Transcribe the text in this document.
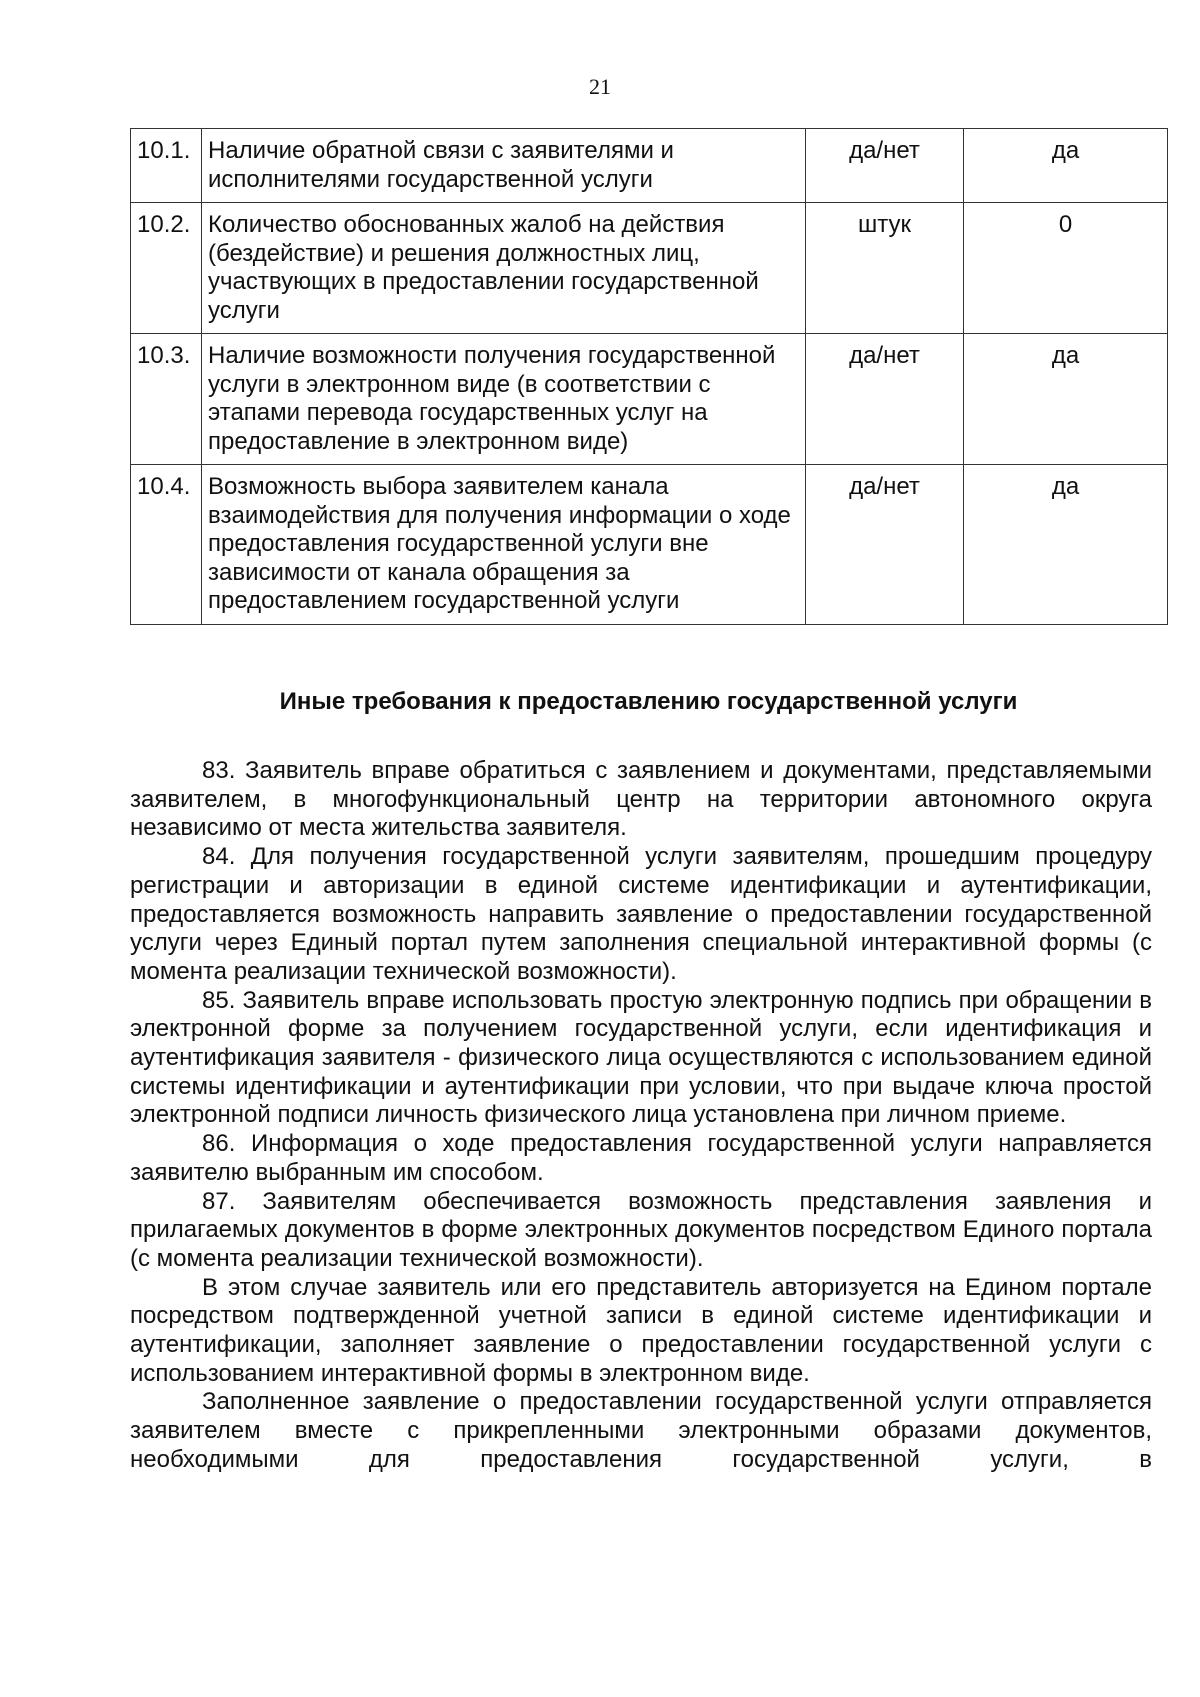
21
10.1.	Наличие обратной связи с заявителями и исполнителями государственной услуги	да/нет	да
10.2.	Количество обоснованных жалоб на действия (бездействие) и решения должностных лиц, участвующих в предоставлении государственной услуги	штук	0
10.3.	Наличие возможности получения государственной услуги в электронном виде (в соответствии с этапами перевода государственных услуг на предоставление в электронном виде)	да/нет	да
10.4.	Возможность выбора заявителем канала взаимодействия для получения информации о ходе предоставления государственной услуги вне зависимости от канала обращения за предоставлением государственной услуги	да/нет	да
Иные требования к предоставлению государственной услуги

83. Заявитель вправе обратиться с заявлением и документами, представляемыми заявителем, в многофункциональный центр на территории автономного округа независимо от места жительства заявителя.

84. Для получения государственной услуги заявителям, прошедшим процедуру регистрации и авторизации в единой системе идентификации и аутентификации, предоставляется возможность направить заявление о предоставлении государственной услуги через Единый портал путем заполнения специальной интерактивной формы (с момента реализации технической возможности).

85. Заявитель вправе использовать простую электронную подпись при обращении в электронной форме за получением государственной услуги, если идентификация и аутентификация заявителя - физического лица осуществляются с использованием единой системы идентификации и аутентификации при условии, что при выдаче ключа простой электронной подписи личность физического лица установлена при личном приеме.

86. Информация о ходе предоставления государственной услуги направляется заявителю выбранным им способом.

87. Заявителям обеспечивается возможность представления заявления и прилагаемых документов в форме электронных документов посредством Единого портала (с момента реализации технической возможности).

В этом случае заявитель или его представитель авторизуется на Едином портале посредством подтвержденной учетной записи в единой системе идентификации и аутентификации, заполняет заявление о предоставлении государственной услуги с использованием интерактивной формы в электронном виде.

Заполненное заявление о предоставлении государственной услуги отправляется заявителем вместе с прикрепленными электронными образами документов, необходимыми для предоставления государственной услуги, в
